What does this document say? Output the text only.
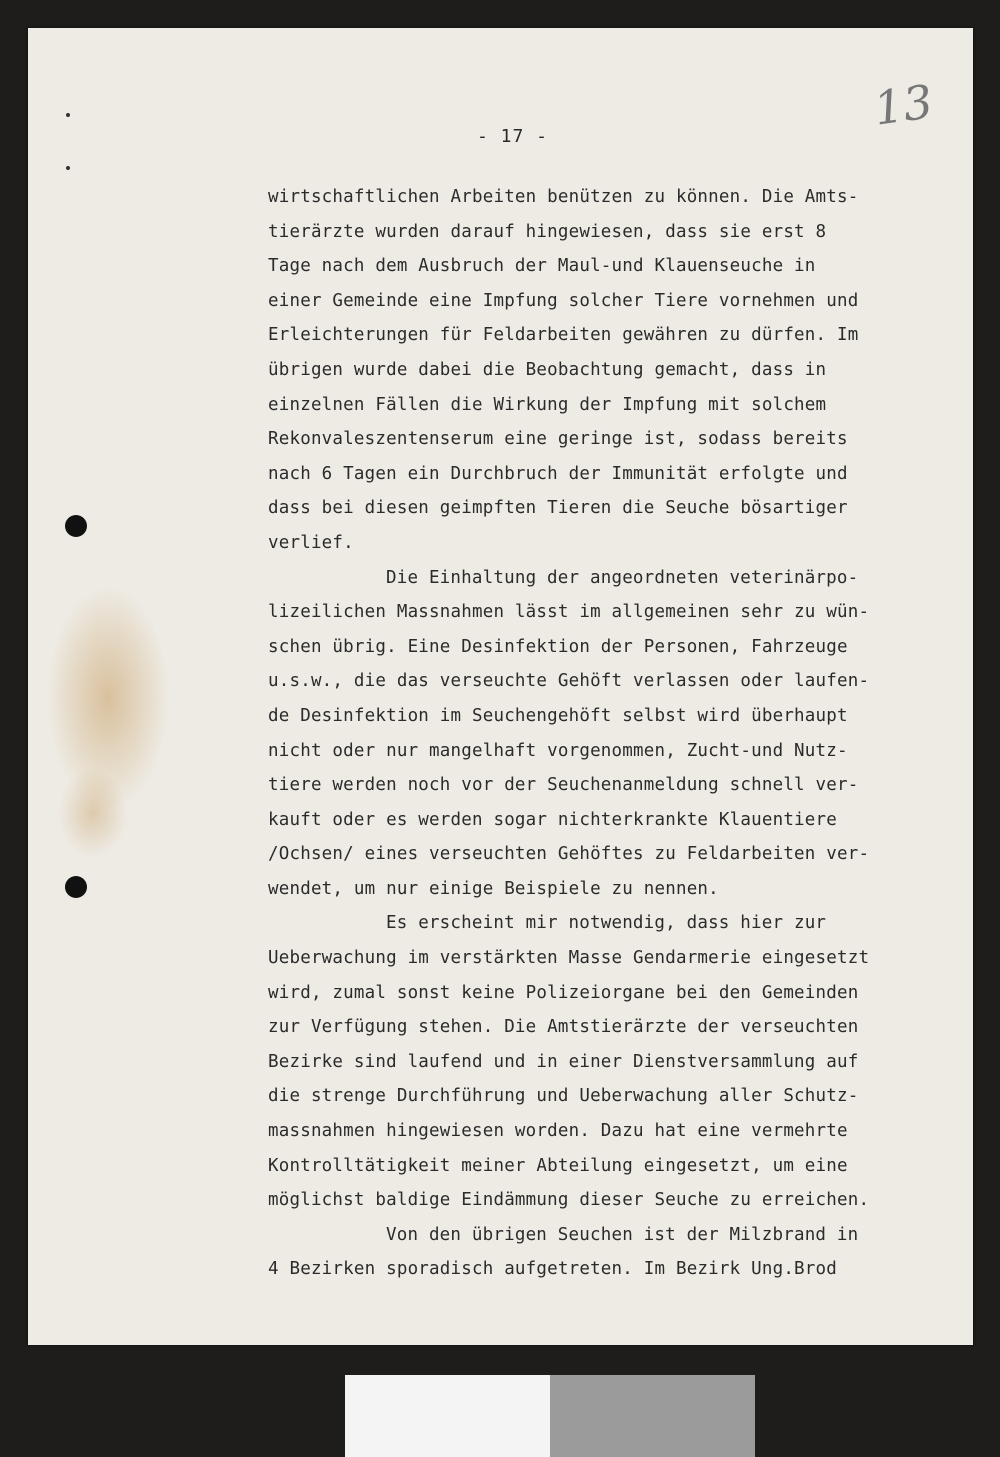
13
- 17 -
wirtschaftlichen Arbeiten benützen zu können. Die Amts-
tierärzte wurden darauf hingewiesen, dass sie erst 8
Tage nach dem Ausbruch der Maul-und Klauenseuche in
einer Gemeinde eine Impfung solcher Tiere vornehmen und
Erleichterungen für Feldarbeiten gewähren zu dürfen. Im
übrigen wurde dabei die Beobachtung gemacht, dass in
einzelnen Fällen die Wirkung der Impfung mit solchem
Rekonvaleszentenserum eine geringe ist, sodass bereits
nach 6 Tagen ein Durchbruch der Immunität erfolgte und
dass bei diesen geimpften Tieren die Seuche bösartiger
verlief.
Die Einhaltung der angeordneten veterinärpo-
lizeilichen Massnahmen lässt im allgemeinen sehr zu wün-
schen übrig. Eine Desinfektion der Personen, Fahrzeuge
u.s.w., die das verseuchte Gehöft verlassen oder laufen-
de Desinfektion im Seuchengehöft selbst wird überhaupt
nicht oder nur mangelhaft vorgenommen, Zucht-und Nutz-
tiere werden noch vor der Seuchenanmeldung schnell ver-
kauft oder es werden sogar nichterkrankte Klauentiere
/Ochsen/ eines verseuchten Gehöftes zu Feldarbeiten ver-
wendet, um nur einige Beispiele zu nennen.
Es erscheint mir notwendig, dass hier zur
Ueberwachung im verstärkten Masse Gendarmerie eingesetzt
wird, zumal sonst keine Polizeiorgane bei den Gemeinden
zur Verfügung stehen. Die Amtstierärzte der verseuchten
Bezirke sind laufend und in einer Dienstversammlung auf
die strenge Durchführung und Ueberwachung aller Schutz-
massnahmen hingewiesen worden. Dazu hat eine vermehrte
Kontrolltätigkeit meiner Abteilung eingesetzt, um eine
möglichst baldige Eindämmung dieser Seuche zu erreichen.
Von den übrigen Seuchen ist der Milzbrand in
4 Bezirken sporadisch aufgetreten. Im Bezirk Ung.Brod
